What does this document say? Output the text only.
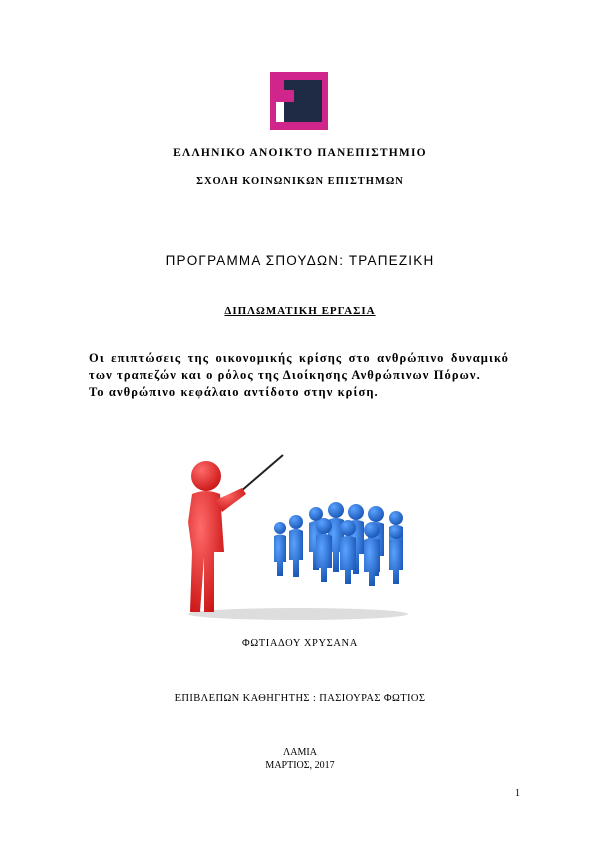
ΕΛΛΗΝΙΚΟ ΑΝΟΙΚΤΟ ΠΑΝΕΠΙΣΤΗΜΙΟ
ΣΧΟΛΗ ΚΟΙΝΩΝΙΚΩΝ ΕΠΙΣΤΗΜΩΝ
ΠΡΟΓΡΑΜΜΑ ΣΠΟΥΔΩΝ: ΤΡΑΠΕΖΙΚΗ
ΔΙΠΛΩΜΑΤΙΚΗ ΕΡΓΑΣΙΑ
Οι επιπτώσεις της οικονομικής κρίσης στο ανθρώπινο δυναμικό των τραπεζών και ο ρόλος της Διοίκησης Ανθρώπινων Πόρων.
Το ανθρώπινο κεφάλαιο αντίδοτο στην κρίση.
ΦΩΤΙΑΔΟΥ ΧΡΥΣΑΝΑ
ΕΠΙΒΛΕΠΩΝ ΚΑΘΗΓΗΤΗΣ : ΠΑΣΙΟΥΡΑΣ ΦΩΤΙΟΣ
ΛΑΜΙΑ
ΜΑΡΤΙΟΣ, 2017
1
